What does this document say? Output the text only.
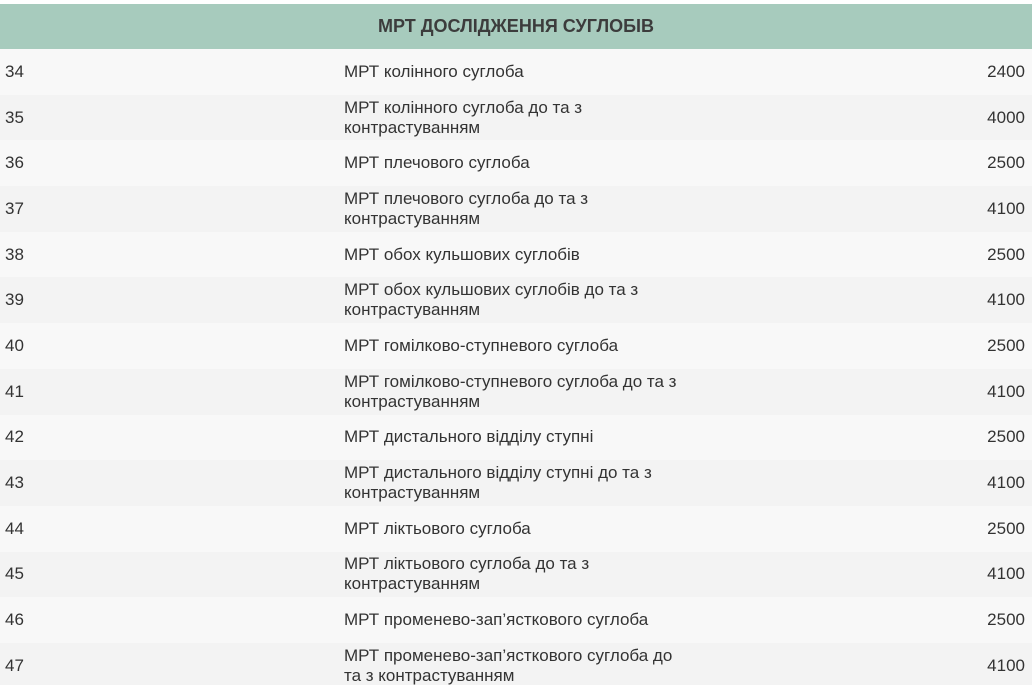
МРТ ДОСЛІДЖЕННЯ СУГЛОБІВ		
34	МРТ колінного суглоба	2400
35	МРТ колінного суглоба до та з контрастуванням	4000
36	МРТ плечового суглоба	2500
37	МРТ плечового суглоба до та з контрастуванням	4100
38	МРТ обох кульшових суглобів	2500
39	МРТ обох кульшових суглобів до та з контрастуванням	4100
40	МРТ гомілково-ступневого суглоба	2500
41	МРТ гомілково-ступневого суглоба до та з контрастуванням	4100
42	МРТ дистального відділу ступні	2500
43	МРТ дистального відділу ступні до та з контрастуванням	4100
44	МРТ ліктьового суглоба	2500
45	МРТ ліктьового суглоба до та з контрастуванням	4100
46	МРТ променево-зап’ясткового суглоба	2500
47	МРТ променево-зап’ясткового суглоба до та з контрастуванням	4100
